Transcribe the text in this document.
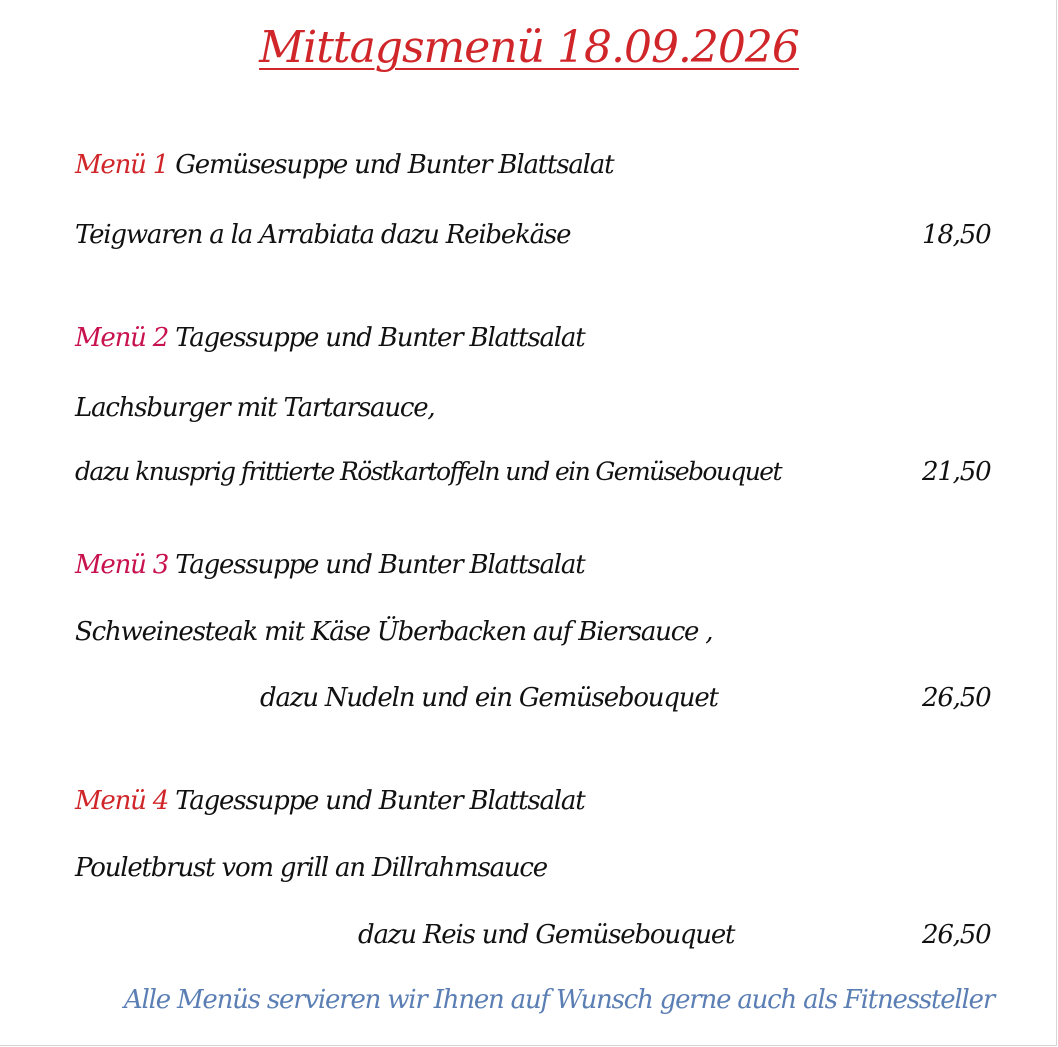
Mittagsmenü 18.09.2026
Menü 1 Gemüsesuppe und Bunter Blattsalat
Teigwaren a la Arrabiata dazu Reibekäse	18,50
Menü 2 Tagessuppe und Bunter Blattsalat
Lachsburger mit Tartarsauce,
dazu knusprig frittierte Röstkartoffeln und ein Gemüsebouquet	21,50
Menü 3 Tagessuppe und Bunter Blattsalat
Schweinesteak mit Käse Überbacken auf Biersauce ,
dazu Nudeln und ein Gemüsebouquet	26,50
Menü 4 Tagessuppe und Bunter Blattsalat
Pouletbrust vom grill an Dillrahmsauce
dazu Reis und Gemüsebouquet	26,50
Alle Menüs servieren wir Ihnen auf Wunsch gerne auch als Fitnessteller
